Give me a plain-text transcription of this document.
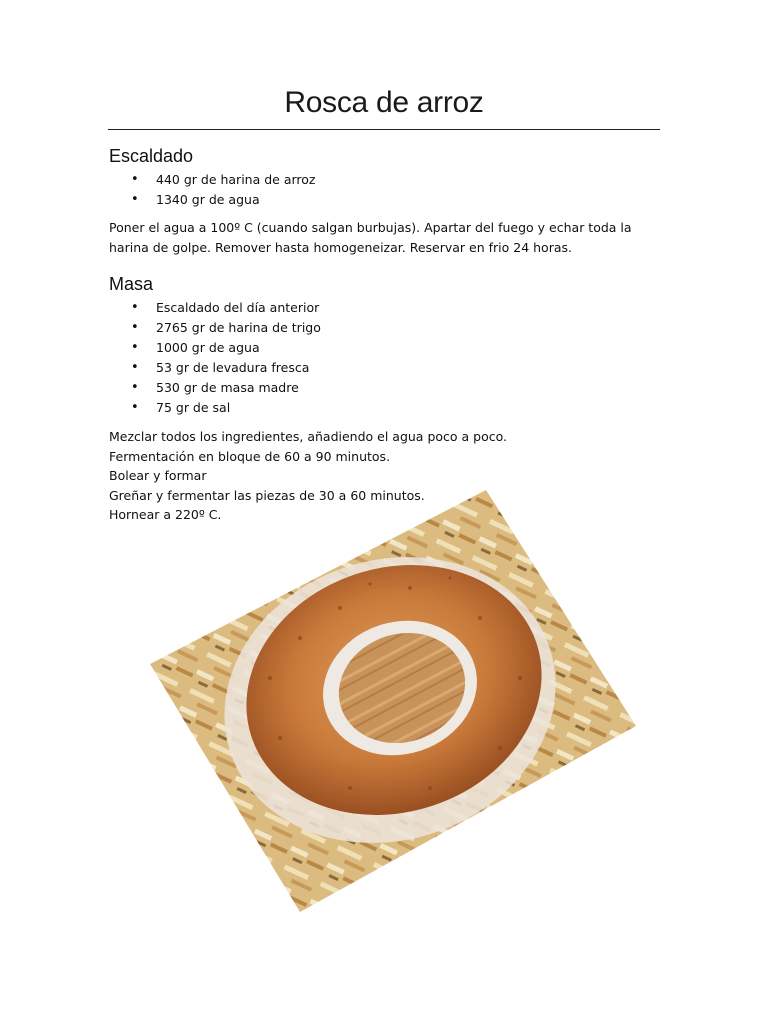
Rosca de arroz
Escaldado
• 440 gr de harina de arroz
• 1340 gr de agua
Poner el agua a 100º C (cuando salgan burbujas). Apartar del fuego y echar toda la
harina de golpe. Remover hasta homogeneizar. Reservar en frio 24 horas.
Masa
• Escaldado del día anterior
• 2765 gr de harina de trigo
• 1000 gr de agua
• 53 gr de levadura fresca
• 530 gr de masa madre
• 75 gr de sal
Mezclar todos los ingredientes, añadiendo el agua poco a poco.
Fermentación en bloque de 60 a 90 minutos.
Bolear y formar
Greñar y fermentar las piezas de 30 a 60 minutos.
Hornear a 220º C.
